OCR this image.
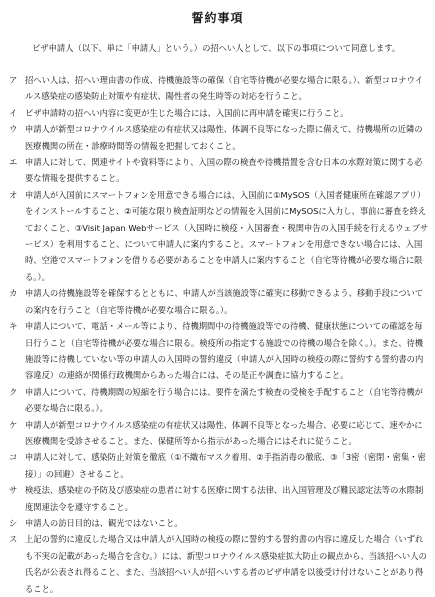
誓約事項
ビザ申請人（以下、単に「申請人」という。）の招へい人として、以下の事項について同意します。
ア 招へい人は、招へい理由書の作成、待機施設等の確保（自宅等待機が必要な場合に限る。）、新型コロナウイルス感染症の感染防止対策や有症状、陽性者の発生時等の対応を行うこと。
イ ビザ申請時の招へい内容に変更が生じた場合には、入国前に再申請を確実に行うこと。
ウ 申請人が新型コロナウイルス感染症の有症状又は陽性、体調不良等になった際に備えて、待機場所の近隣の医療機関の所在・診療時間等の情報を把握しておくこと。
エ 申請人に対して、関連サイトや資料等により、入国の際の検査や待機措置を含む日本の水際対策に関する必要な情報を提供すること。
オ 申請人が入国前にスマートフォンを用意できる場合には、入国前に①MySOS（入国者健康所在確認アプリ）をインストールすること、②可能な限り検査証明などの情報を入国前にMySOSに入力し、事前に審査を終えておくこと、③Visit Japan Webサービス（入国時に検疫・入国審査・税関申告の入国手続を行えるウェブサービス）を利用すること、について申請人に案内すること。スマートフォンを用意できない場合には、入国時、空港でスマートフォンを借りる必要があることを申請人に案内すること（自宅等待機が必要な場合に限る。）。
カ 申請人の待機施設等を確保するとともに、申請人が当該施設等に確実に移動できるよう、移動手段についての案内を行うこと（自宅等待機が必要な場合に限る。）。
キ 申請人について、電話・メール等により、待機期間中の待機施設等での待機、健康状態についての確認を毎日行うこと（自宅等待機が必要な場合に限る。検疫所の指定する施設での待機の場合を除く。）。また、待機施設等に待機していない等の申請人の入国時の誓約違反（申請人が入国時の検疫の際に誓約する誓約書の内容違反）の連絡が関係行政機関からあった場合には、その是正や調査に協力すること。
ク 申請人について、待機期間の短縮を行う場合には、要件を満たす検査の受検を手配すること（自宅等待機が必要な場合に限る。）。
ケ 申請人が新型コロナウイルス感染症の有症状又は陽性、体調不良等となった場合、必要に応じて、速やかに医療機関を受診させること。また、保健所等から指示があった場合にはそれに従うこと。
コ 申請人に対して、感染防止対策を徹底（①不織布マスク着用、②手指消毒の徹底、③「3密（密閉・密集・密接）」の回避）させること。
サ 検疫法、感染症の予防及び感染症の患者に対する医療に関する法律、出入国管理及び難民認定法等の水際制度関連法令を遵守すること。
シ 申請人の訪日目的は、観光ではないこと。
ス 上記の誓約に違反した場合又は申請人が入国時の検疫の際に誓約する誓約書の内容に違反した場合（いずれも不実の記載があった場合を含む。）には、新型コロナウイルス感染症拡大防止の観点から、当該招へい人の氏名が公表され得ること、また、当該招へい人が招へいする者のビザ申請を以後受け付けないことがあり得ること。
